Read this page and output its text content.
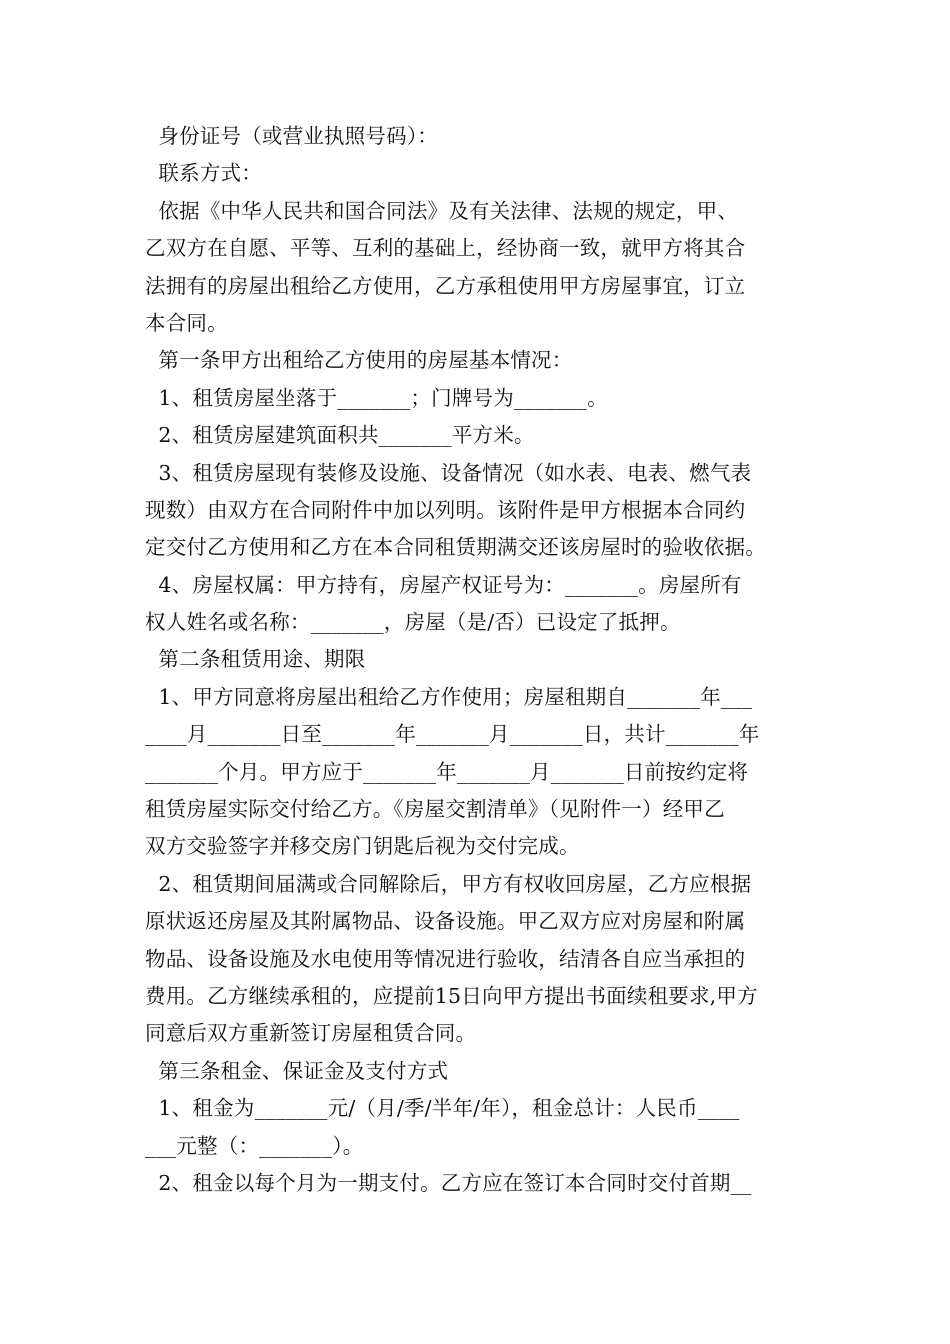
身份证号（或营业执照号码）：
联系方式：
依据《中华人民共和国合同法》及有关法律、法规的规定，甲、
乙双方在自愿、平等、互利的基础上，经协商一致，就甲方将其合
法拥有的房屋出租给乙方使用，乙方承租使用甲方房屋事宜，订立
本合同。
第一条甲方出租给乙方使用的房屋基本情况：
1、租赁房屋坐落于_______；门牌号为_______。
2、租赁房屋建筑面积共_______平方米。
3、租赁房屋现有装修及设施、设备情况（如水表、电表、燃气表
现数）由双方在合同附件中加以列明。该附件是甲方根据本合同约
定交付乙方使用和乙方在本合同租赁期满交还该房屋时的验收依据。
4、房屋权属：甲方持有，房屋产权证号为：_______。房屋所有
权人姓名或名称：_______，房屋（是/否）已设定了抵押。
第二条租赁用途、期限
1、甲方同意将房屋出租给乙方作使用；房屋租期自_______年___
____月_______日至_______年_______月_______日，共计_______年
_______个月。甲方应于_______年_______月_______日前按约定将
租赁房屋实际交付给乙方。《房屋交割清单》（见附件一）经甲乙
双方交验签字并移交房门钥匙后视为交付完成。
2、租赁期间届满或合同解除后，甲方有权收回房屋，乙方应根据
原状返还房屋及其附属物品、设备设施。甲乙双方应对房屋和附属
物品、设备设施及水电使用等情况进行验收，结清各自应当承担的
费用。乙方继续承租的，应提前15日向甲方提出书面续租要求,甲方
同意后双方重新签订房屋租赁合同。
第三条租金、保证金及支付方式
1、租金为_______元/（月/季/半年/年），租金总计：人民币____
___元整（：_______）。
2、租金以每个月为一期支付。乙方应在签订本合同时交付首期__
